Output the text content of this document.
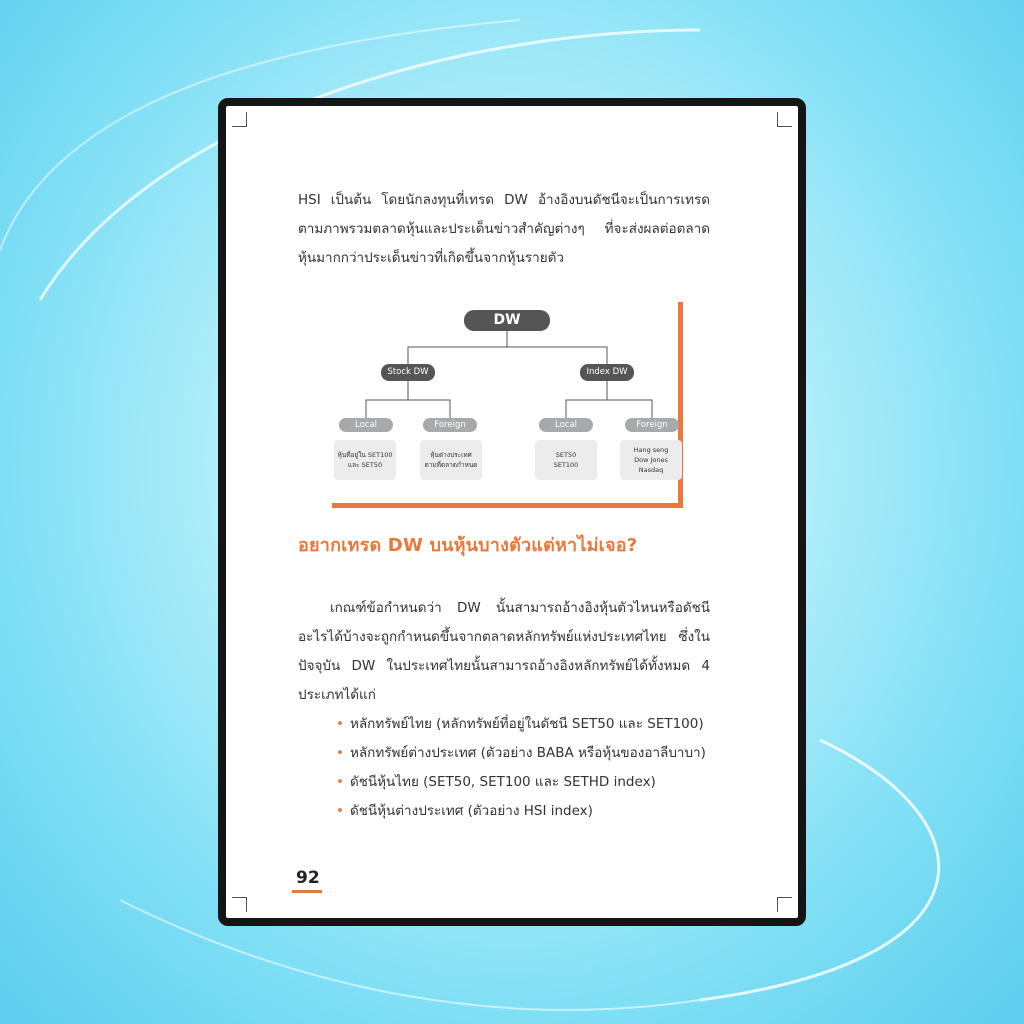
HSI เป็นต้น โดยนักลงทุนที่เทรด DW อ้างอิงบนดัชนีจะเป็นการเทรดตามภาพรวมตลาดหุ้นและประเด็นข่าวสำคัญต่างๆ ที่จะส่งผลต่อตลาดหุ้นมากกว่าประเด็นข่าวที่เกิดขึ้นจากหุ้นรายตัว

DW
Stock DW	Index DW
Local	Foreign	Local	Foreign
หุ้นที่อยู่ใน SET100
และ SET50
หุ้นต่างประเทศ
ตามที่ตลาดกำหนด
SET50
SET100
Hang seng
Dow Jones
Nasdaq
อยากเทรด DW บนหุ้นบางตัวแต่หาไม่เจอ?

เกณฑ์ข้อกำหนดว่า DW นั้นสามารถอ้างอิงหุ้นตัวไหนหรือดัชนีอะไรได้บ้างจะถูกกำหนดขึ้นจากตลาดหลักทรัพย์แห่งประเทศไทย ซึ่งในปัจจุบัน DW ในประเทศไทยนั้นสามารถอ้างอิงหลักทรัพย์ได้ทั้งหมด 4 ประเภทได้แก่

• หลักทรัพย์ไทย (หลักทรัพย์ที่อยู่ในดัชนี SET50 และ SET100)
• หลักทรัพย์ต่างประเทศ (ตัวอย่าง BABA หรือหุ้นของอาลีบาบา)
• ดัชนีหุ้นไทย (SET50, SET100 และ SETHD index)
• ดัชนีหุ้นต่างประเทศ (ตัวอย่าง HSI index)
92
